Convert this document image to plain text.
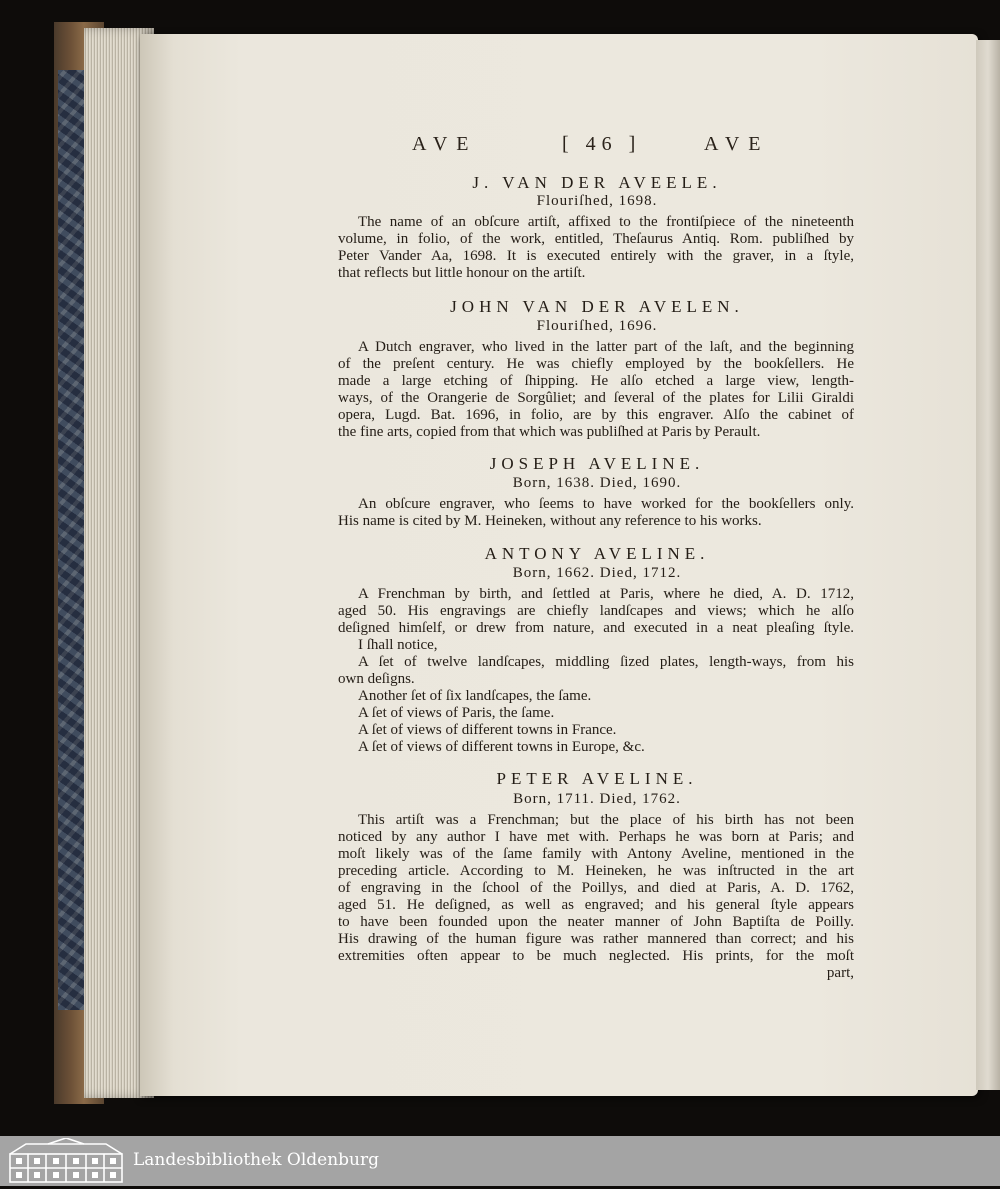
AVE	[ 46 ]	AVE

J. VAN DER AVEELE.

Flouriſhed, 1698.

The name of an obſcure artiſt, affixed to the frontiſpiece of the nineteenth

volume, in folio, of the work, entitled, Theſaurus Antiq. Rom. publiſhed by

Peter Vander Aa, 1698. It is executed entirely with the graver, in a ſtyle,

that reflects but little honour on the artiſt.

JOHN VAN DER AVELEN.

Flouriſhed, 1696.

A Dutch engraver, who lived in the latter part of the laſt, and the beginning

of the preſent century. He was chiefly employed by the bookſellers. He

made a large etching of ſhipping. He alſo etched a large view, length-

ways, of the Orangerie de Sorgûliet; and ſeveral of the plates for Lilii Giraldi

opera, Lugd. Bat. 1696, in folio, are by this engraver. Alſo the cabinet of

the fine arts, copied from that which was publiſhed at Paris by Perault.

JOSEPH AVELINE.

Born, 1638. Died, 1690.

An obſcure engraver, who ſeems to have worked for the bookſellers only.

His name is cited by M. Heineken, without any reference to his works.

ANTONY AVELINE.

Born, 1662. Died, 1712.

A Frenchman by birth, and ſettled at Paris, where he died, A. D. 1712,

aged 50. His engravings are chiefly landſcapes and views; which he alſo

deſigned himſelf, or drew from nature, and executed in a neat pleaſing ſtyle.

I ſhall notice,

A ſet of twelve landſcapes, middling ſized plates, length-ways, from his

own deſigns.

Another ſet of ſix landſcapes, the ſame.

A ſet of views of Paris, the ſame.

A ſet of views of different towns in France.

A ſet of views of different towns in Europe, &c.

PETER AVELINE.

Born, 1711. Died, 1762.

This artiſt was a Frenchman; but the place of his birth has not been

noticed by any author I have met with. Perhaps he was born at Paris; and

moſt likely was of the ſame family with Antony Aveline, mentioned in the

preceding article. According to M. Heineken, he was inſtructed in the art

of engraving in the ſchool of the Poillys, and died at Paris, A. D. 1762,

aged 51. He deſigned, as well as engraved; and his general ſtyle appears

to have been founded upon the neater manner of John Baptiſta de Poilly.

His drawing of the human figure was rather mannered than correct; and his

extremities often appear to be much neglected. His prints, for the moſt

part,

Landesbibliothek Oldenburg
